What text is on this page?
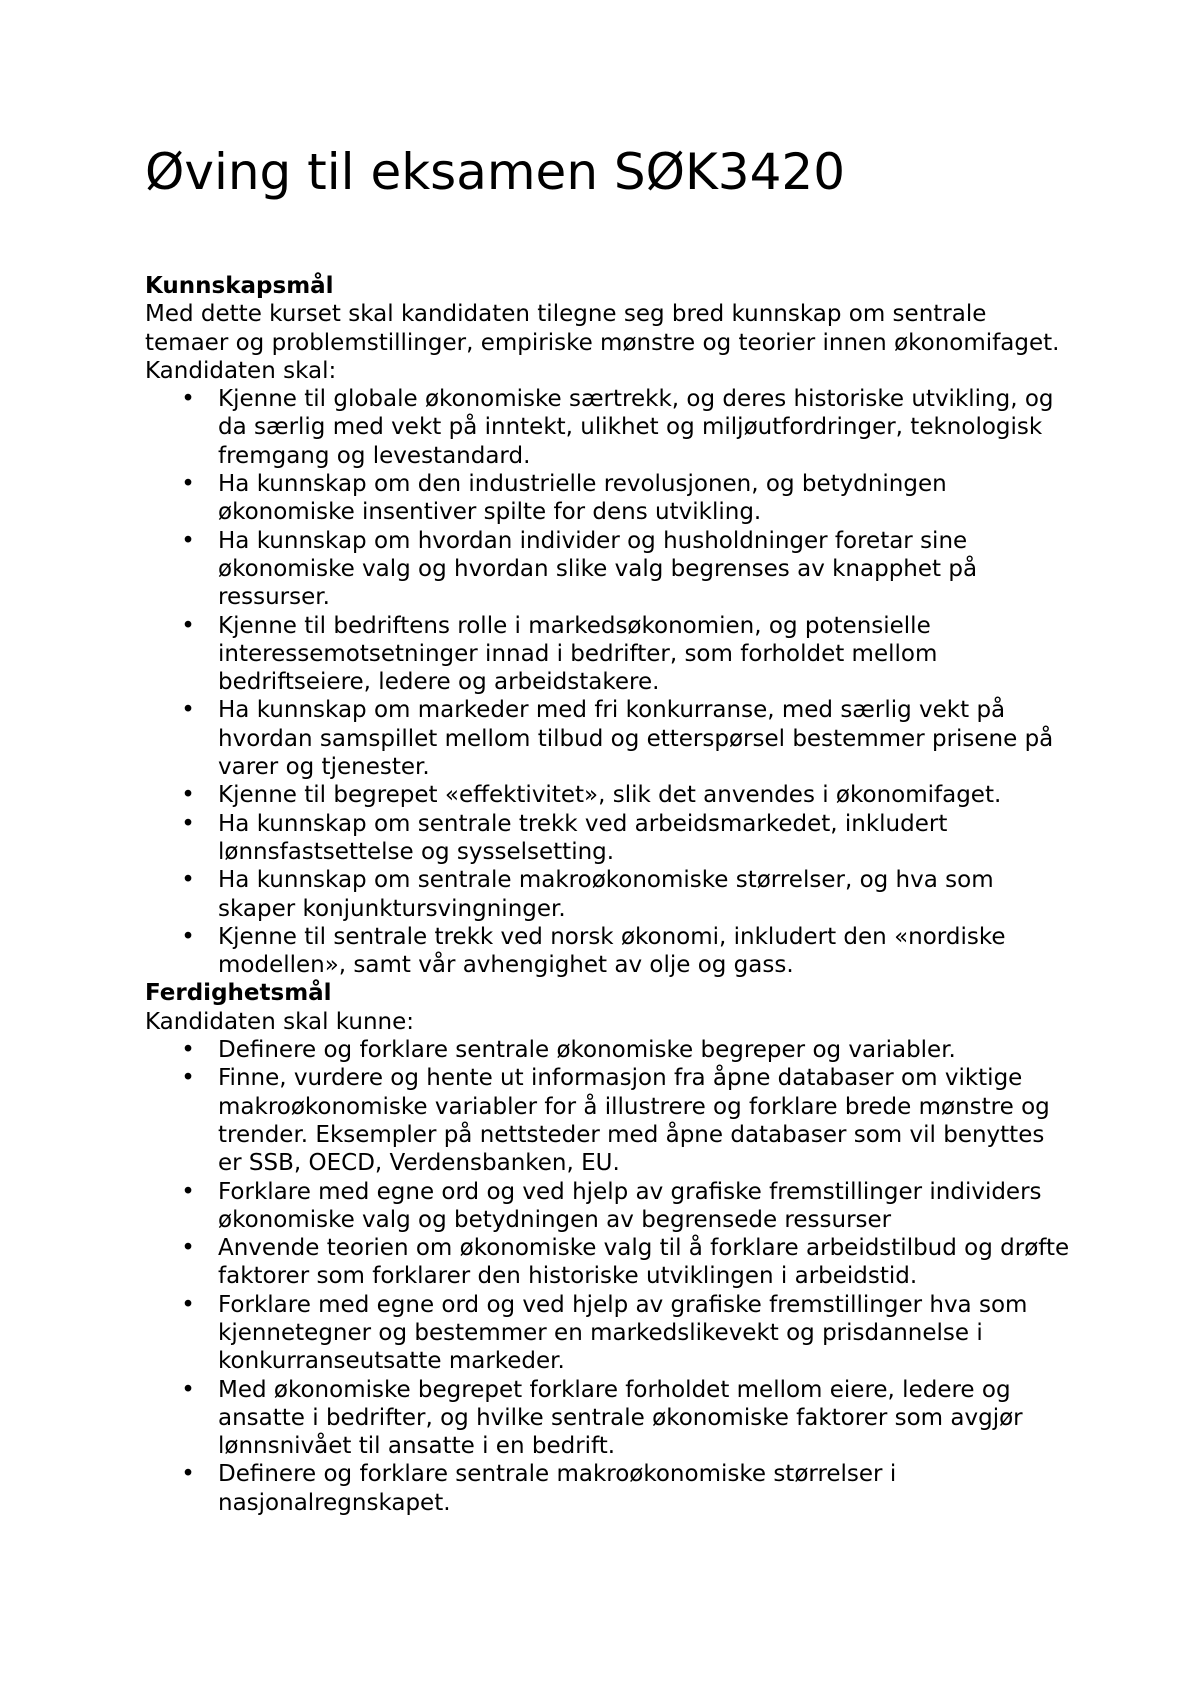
Øving til eksamen SØK3420

Kunnskapsmål

Med dette kurset skal kandidaten tilegne seg bred kunnskap om sentrale temaer og problemstillinger, empiriske mønstre og teorier innen økonomifaget. Kandidaten skal:

• Kjenne til globale økonomiske særtrekk, og deres historiske utvikling, og da særlig med vekt på inntekt, ulikhet og miljøutfordringer, teknologisk fremgang og levestandard.
• Ha kunnskap om den industrielle revolusjonen, og betydningen økonomiske insentiver spilte for dens utvikling.
• Ha kunnskap om hvordan individer og husholdninger foretar sine økonomiske valg og hvordan slike valg begrenses av knapphet på ressurser.
• Kjenne til bedriftens rolle i markedsøkonomien, og potensielle interessemotsetninger innad i bedrifter, som forholdet mellom bedriftseiere, ledere og arbeidstakere.
• Ha kunnskap om markeder med fri konkurranse, med særlig vekt på hvordan samspillet mellom tilbud og etterspørsel bestemmer prisene på varer og tjenester.
• Kjenne til begrepet «effektivitet», slik det anvendes i økonomifaget.
• Ha kunnskap om sentrale trekk ved arbeidsmarkedet, inkludert lønnsfastsettelse og sysselsetting.
• Ha kunnskap om sentrale makroøkonomiske størrelser, og hva som skaper konjunktursvingninger.
• Kjenne til sentrale trekk ved norsk økonomi, inkludert den «nordiske modellen», samt vår avhengighet av olje og gass.

Ferdighetsmål

Kandidaten skal kunne:

• Definere og forklare sentrale økonomiske begreper og variabler.
• Finne, vurdere og hente ut informasjon fra åpne databaser om viktige makroøkonomiske variabler for å illustrere og forklare brede mønstre og trender. Eksempler på nettsteder med åpne databaser som vil benyttes er SSB, OECD, Verdensbanken, EU.
• Forklare med egne ord og ved hjelp av grafiske fremstillinger individers økonomiske valg og betydningen av begrensede ressurser
• Anvende teorien om økonomiske valg til å forklare arbeidstilbud og drøfte faktorer som forklarer den historiske utviklingen i arbeidstid.
• Forklare med egne ord og ved hjelp av grafiske fremstillinger hva som kjennetegner og bestemmer en markedslikevekt og prisdannelse i konkurranseutsatte markeder.
• Med økonomiske begrepet forklare forholdet mellom eiere, ledere og ansatte i bedrifter, og hvilke sentrale økonomiske faktorer som avgjør lønnsnivået til ansatte i en bedrift.
• Definere og forklare sentrale makroøkonomiske størrelser i nasjonalregnskapet.
